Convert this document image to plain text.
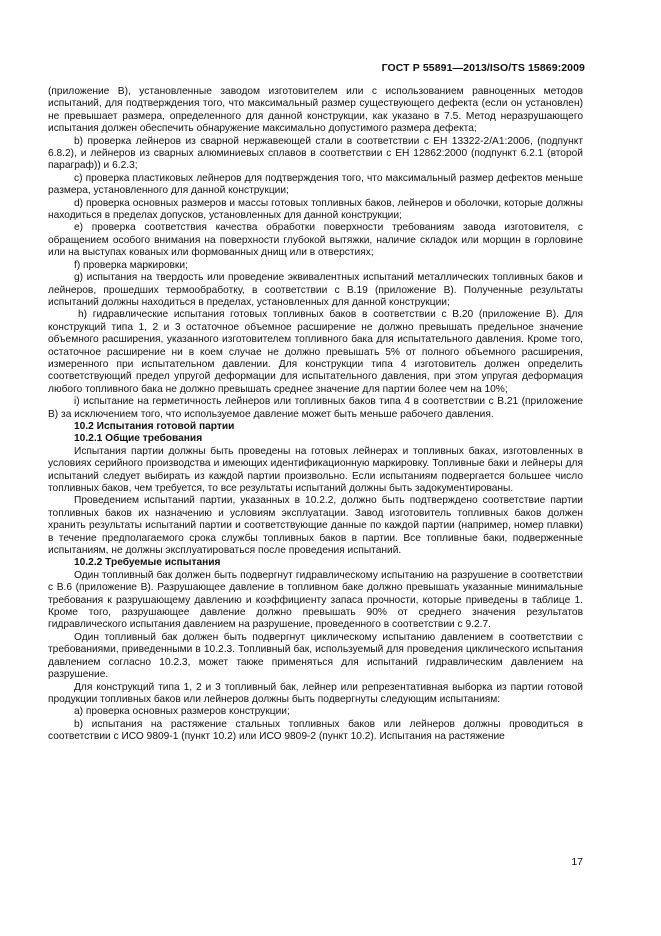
ГОСТ Р 55891—2013/ISO/TS 15869:2009

(приложение В), установленные заводом изготовителем или с использованием равноценных методов испытаний, для подтверждения того, что максимальный размер существующего дефекта (если он установлен) не превышает размера, определенного для данной конструкции, как указано в 7.5. Метод неразрушающего испытания должен обеспечить обнаружение максимально допустимого размера дефекта;

b) проверка лейнеров из сварной нержавеющей стали в соответствии с ЕН 13322-2/А1:2006, (подпункт 6.8.2), и лейнеров из сварных алюминиевых сплавов в соответствии с ЕН 12862:2000 (подпункт 6.2.1 (второй параграф)) и 6.2.3;

с) проверка пластиковых лейнеров для подтверждения того, что максимальный размер дефектов меньше размера, установленного для данной конструкции;

d) проверка основных размеров и массы готовых топливных баков, лейнеров и оболочки, которые должны находиться в пределах допусков, установленных для данной конструкции;

е) проверка соответствия качества обработки поверхности требованиям завода изготовителя, с обращением особого внимания на поверхности глубокой вытяжки, наличие складок или морщин в горловине или на выступах кованых или формованных днищ или в отверстиях;

f) проверка маркировки;

g) испытания на твердость или проведение эквивалентных испытаний металлических топливных баков и лейнеров, прошедших термообработку, в соответствии с В.19 (приложение В). Полученные результаты испытаний должны находиться в пределах, установленных для данной конструкции;

h) гидравлические испытания готовых топливных баков в соответствии с В.20 (приложение В). Для конструкций типа 1, 2 и 3 остаточное объемное расширение не должно превышать предельное значение объемного расширения, указанного изготовителем топливного бака для испытательного давления. Кроме того, остаточное расширение ни в коем случае не должно превышать 5% от полного объемного расширения, измеренного при испытательном давлении. Для конструкции типа 4 изготовитель должен определить соответствующий предел упругой деформации для испытательного давления, при этом упругая деформация любого топливного бака не должно превышать среднее значение для партии более чем на 10%;

i) испытание на герметичность лейнеров или топливных баков типа 4 в соответствии с В.21 (приложение В) за исключением того, что используемое давление может быть меньше рабочего давления.

10.2 Испытания готовой партии

10.2.1 Общие требования

Испытания партии должны быть проведены на готовых лейнерах и топливных баках, изготовленных в условиях серийного производства и имеющих идентификационную маркировку. Топливные баки и лейнеры для испытаний следует выбирать из каждой партии произвольно. Если испытаниям подвергается большее число топливных баков, чем требуется, то все результаты испытаний должны быть задокументированы.

Проведением испытаний партии, указанных в 10.2.2, должно быть подтверждено соответствие партии топливных баков их назначению и условиям эксплуатации. Завод изготовитель топливных баков должен хранить результаты испытаний партии и соответствующие данные по каждой партии (например, номер плавки) в течение предполагаемого срока службы топливных баков в партии. Все топливные баки, подверженные испытаниям, не должны эксплуатироваться после проведения испытаний.

10.2.2 Требуемые испытания

Один топливный бак должен быть подвергнут гидравлическому испытанию на разрушение в соответствии с В.6 (приложение В). Разрушающее давление в топливном баке должно превышать указанные минимальные требования к разрушающему давлению и коэффициенту запаса прочности, которые приведены в таблице 1. Кроме того, разрушающее давление должно превышать 90% от среднего значения результатов гидравлического испытания давлением на разрушение, проведенного в соответствии с 9.2.7.

Один топливный бак должен быть подвергнут циклическому испытанию давлением в соответствии с требованиями, приведенными в 10.2.3. Топливный бак, используемый для проведения циклического испытания давлением согласно 10.2.3, может также применяться для испытаний гидравлическим давлением на разрушение.

Для конструкций типа 1, 2 и 3 топливный бак, лейнер или репрезентативная выборка из партии готовой продукции топливных баков или лейнеров должны быть подвергнуты следующим испытаниям:

а) проверка основных размеров конструкции;

b) испытания на растяжение стальных топливных баков или лейнеров должны проводиться в соответствии с ИСО 9809-1 (пункт 10.2) или ИСО 9809-2 (пункт 10.2). Испытания на растяжение

17
